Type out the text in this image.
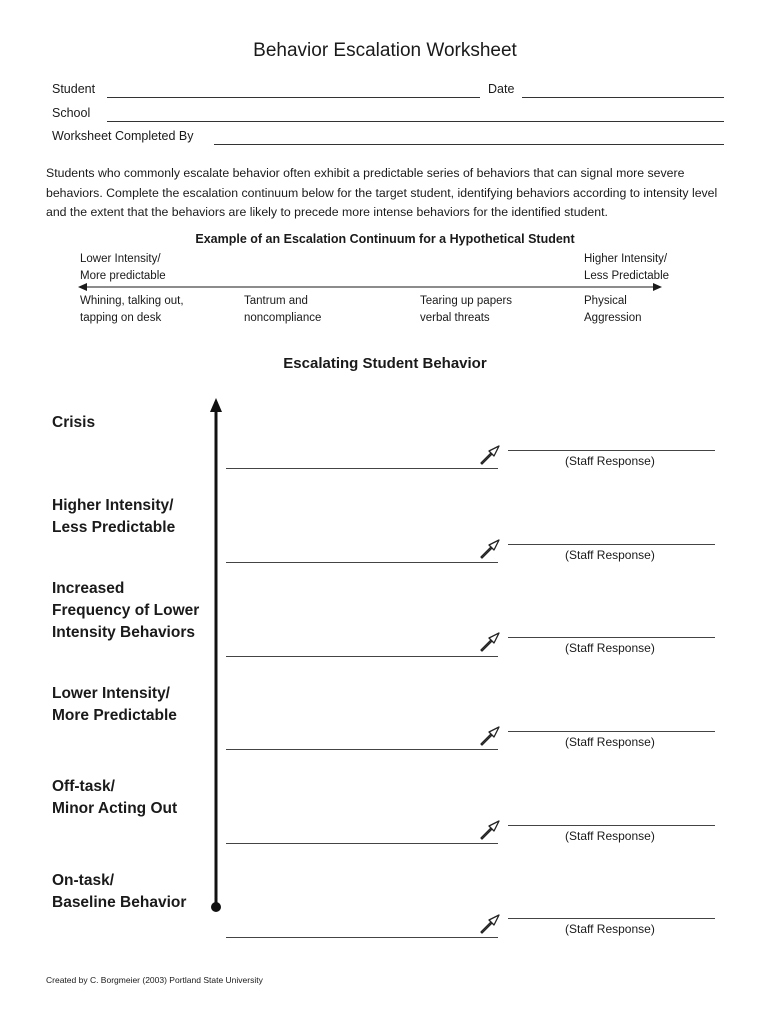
Behavior Escalation Worksheet
Student	Date
School
Worksheet Completed By
Students who commonly escalate behavior often exhibit a predictable series of behaviors that can signal more severe behaviors. Complete the escalation continuum below for the target student, identifying behaviors according to intensity level and the extent that the behaviors are likely to precede more intense behaviors for the identified student.
Example of an Escalation Continuum for a Hypothetical Student
Lower Intensity/
More predictable
Higher Intensity/
Less Predictable
Whining, talking out,
tapping on desk
Tantrum and
noncompliance
Tearing up papers
verbal threats
Physical
Aggression
Escalating Student Behavior
Crisis
Higher Intensity/
Less Predictable
Increased
Frequency of Lower
Intensity Behaviors
Lower Intensity/
More Predictable
Off-task/
Minor Acting Out
On-task/
Baseline Behavior
(Staff Response)
(Staff Response)
(Staff Response)
(Staff Response)
(Staff Response)
(Staff Response)
Created by C. Borgmeier (2003) Portland State University
